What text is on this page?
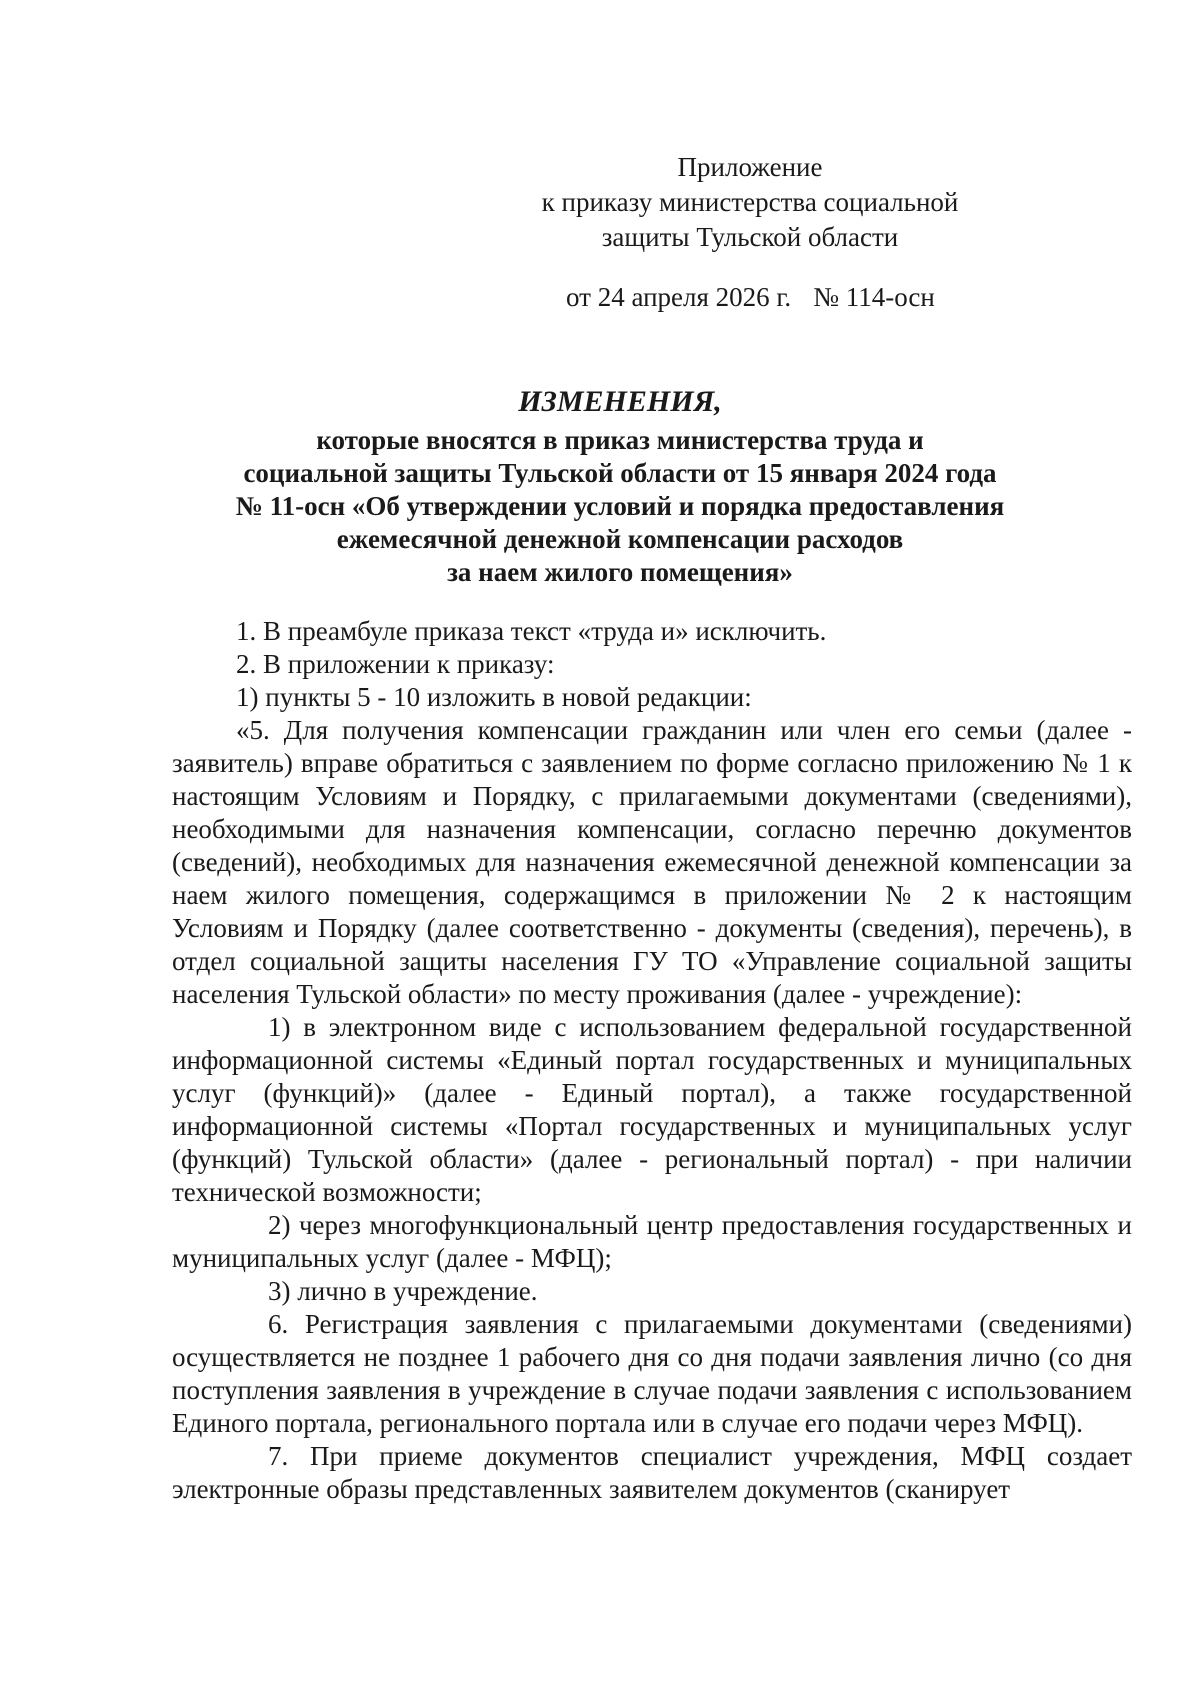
Приложение
к приказу министерства социальной
защиты Тульской области
от 24 апреля 2026 г. № 114-осн
ИЗМЕНЕНИЯ,
которые вносятся в приказ министерства труда и
социальной защиты Тульской области от 15 января 2024 года
№ 11-осн «Об утверждении условий и порядка предоставления
ежемесячной денежной компенсации расходов
за наем жилого помещения»

1. В преамбуле приказа текст «труда и» исключить.

2. В приложении к приказу:

1) пункты 5 - 10 изложить в новой редакции:

«5. Для получения компенсации гражданин или член его семьи (далее - заявитель) вправе обратиться с заявлением по форме согласно приложению № 1 к настоящим Условиям и Порядку, с прилагаемыми документами (сведениями), необходимыми для назначения компенсации, согласно перечню документов (сведений), необходимых для назначения ежемесячной денежной компенсации за наем жилого помещения, содержащимся в приложении № 2 к настоящим Условиям и Порядку (далее соответственно - документы (сведения), перечень), в отдел социальной защиты населения ГУ ТО «Управление социальной защиты населения Тульской области» по месту проживания (далее - учреждение):

1) в электронном виде с использованием федеральной государственной информационной системы «Единый портал государственных и муниципальных услуг (функций)» (далее - Единый портал), а также государственной информационной системы «Портал государственных и муниципальных услуг (функций) Тульской области» (далее - региональный портал) - при наличии технической возможности;

2) через многофункциональный центр предоставления государственных и муниципальных услуг (далее - МФЦ);

3) лично в учреждение.

6. Регистрация заявления с прилагаемыми документами (сведениями) осуществляется не позднее 1 рабочего дня со дня подачи заявления лично (со дня поступления заявления в учреждение в случае подачи заявления с использованием Единого портала, регионального портала или в случае его подачи через МФЦ).

7. При приеме документов специалист учреждения, МФЦ создает электронные образы представленных заявителем документов (сканирует
